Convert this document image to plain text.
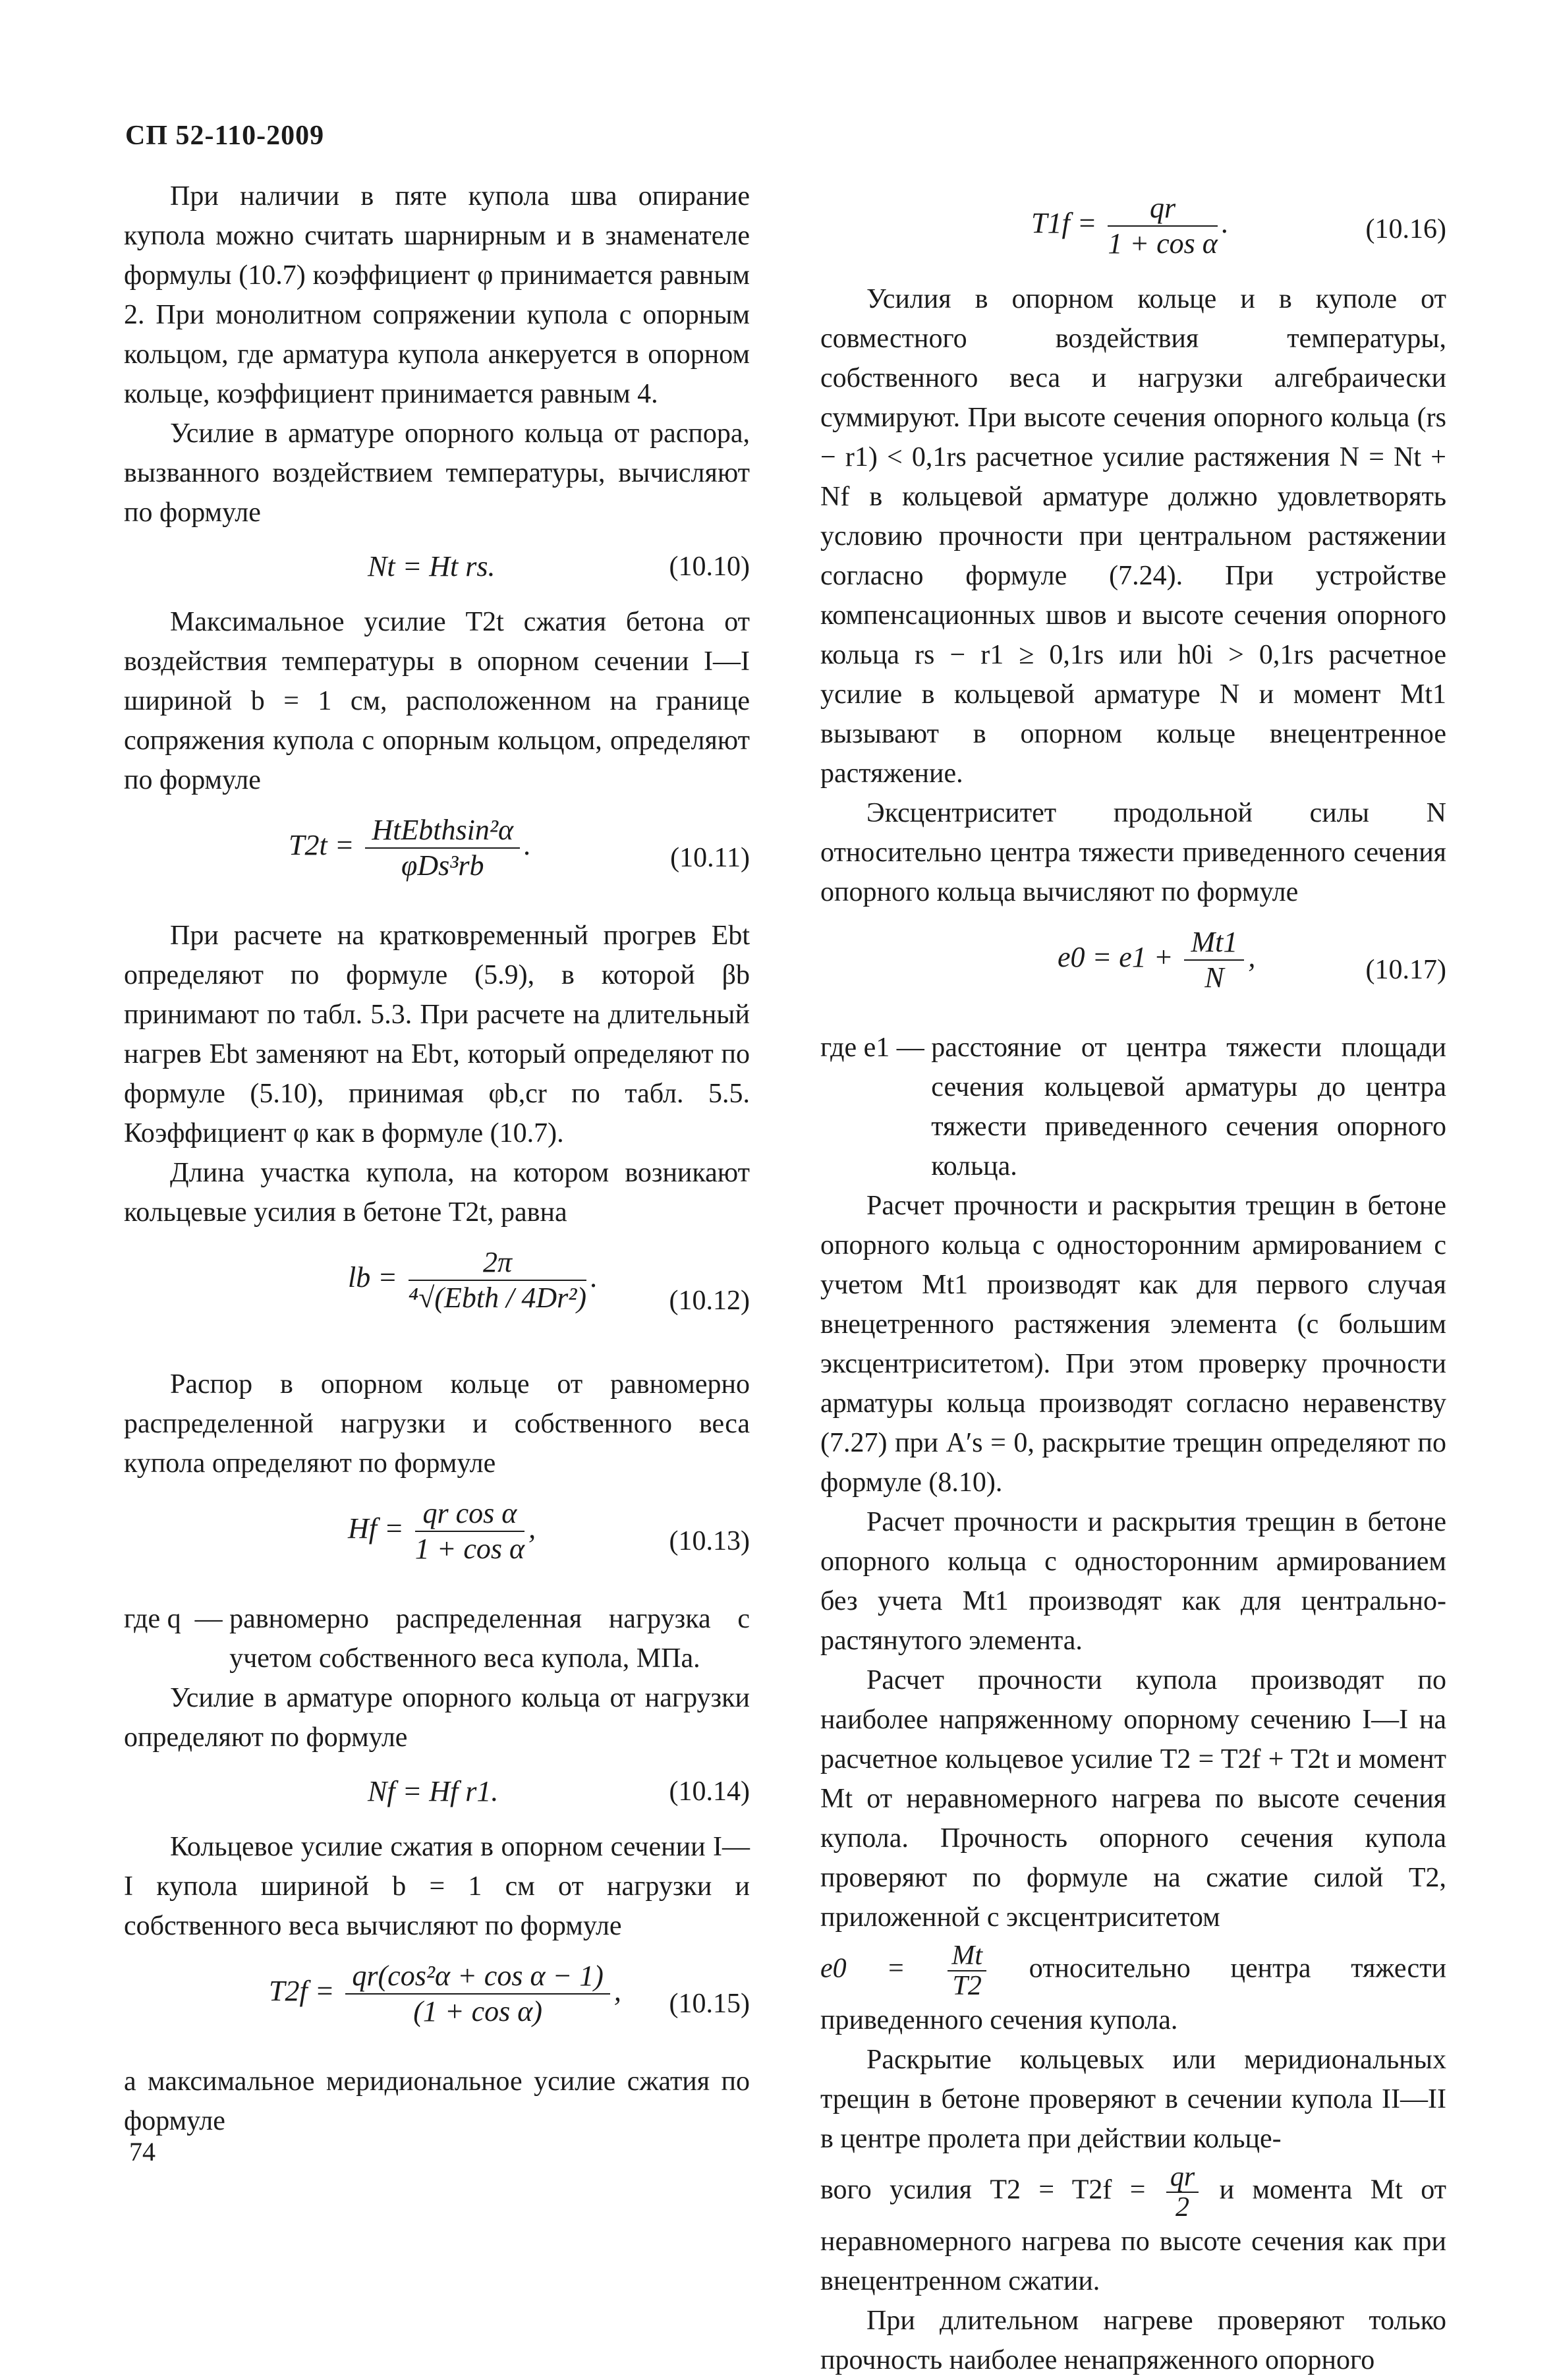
СП 52-110-2009

При наличии в пяте купола шва опирание купола можно считать шарнирным и в знаменателе формулы (10.7) коэффициент φ принимается равным 2. При монолитном сопряжении купола с опорным кольцом, где арматура купола анкеруется в опорном кольце, коэффициент принимается равным 4.

Усилие в арматуре опорного кольца от распора, вызванного воздействием температуры, вычисляют по формуле

Nt = Ht rs.	(10.10)

Максимальное усилие T2t сжатия бетона от воздействия температуры в опорном сечении I—I шириной b = 1 см, расположенном на границе сопряжения купола с опорным кольцом, определяют по формуле

$T2t = \frac{\text{HtEbthsin²α}}{\text{φDs³rb}}$ .	(10.11)

При расчете на кратковременный прогрев Ebt определяют по формуле (5.9), в которой βb принимают по табл. 5.3. При расчете на длительный нагрев Ebt заменяют на Ebτ, который определяют по формуле (5.10), принимая φb,cr по табл. 5.5. Коэффициент φ как в формуле (10.7).

Длина участка купола, на котором возникают кольцевые усилия в бетоне T2t, равна

lb = $\frac{2\pi}{\text{⁴√(Ebth / 4Dr²)}}$ .
(10.12)

Распор в опорном кольце от равномерно распределенной нагрузки и собственного веса купола определяют по формуле

$Hf = \frac{\text{qr cos α}}{\text{1 + cos α}}$ ,	(10.13)
где q  — равномерно распределенная нагрузка с учетом собственного веса купола, МПа.

Усилие в арматуре опорного кольца от нагрузки определяют по формуле

Nf = Hf r1.	(10.14)

Кольцевое усилие сжатия в опорном сечении I—I купола шириной b = 1 см от нагрузки и собственного веса вычисляют по формуле

$T2f = \frac{\text{qr(cos²α + cos α − 1)}}{\text{(1 + cos α)}}$ , (10.15)

а максимальное меридиональное усилие сжатия по формуле

$T1f = \frac{qr}{\text{1 + cos α}}$ .	(10.16)

Усилия в опорном кольце и в куполе от совместного воздействия температуры, собственного веса и нагрузки алгебраически суммируют. При высоте сечения опорного кольца (rs − r1) < 0,1rs расчетное усилие растяжения N = Nt + Nf в кольцевой арматуре должно удовлетворять условию прочности при центральном растяжении согласно формуле (7.24). При устройстве компенсационных швов и высоте сечения опорного кольца rs − r1 ≥ 0,1rs или h0i > 0,1rs расчетное усилие в кольцевой арматуре N и момент Mt1 вызывают в опорном кольце внецентренное растяжение.

Эксцентриситет продольной силы N относительно центра тяжести приведенного сечения опорного кольца вычисляют по формуле

$e0 = e1 + \frac{Mt1}{N}$ ,	(10.17)
где e1 — расстояние от центра тяжести площади сечения кольцевой арматуры до центра тяжести приведенного сечения опорного кольца.

Расчет прочности и раскрытия трещин в бетоне опорного кольца с односторонним армированием с учетом Mt1 производят как для первого случая внецетренного растяжения элемента (с большим эксцентриситетом). При этом проверку прочности арматуры кольца производят согласно неравенству (7.27) при A′s = 0, раскрытие трещин определяют по формуле (8.10).

Расчет прочности и раскрытия трещин в бетоне опорного кольца с односторонним армированием без учета Mt1 производят как для центрально-растянутого элемента.

Расчет прочности купола производят по наиболее напряженному опорному сечению I—I на расчетное кольцевое усилие T2 = T2f + T2t и момент Mt от неравномерного нагрева по высоте сечения купола. Прочность опорного сечения купола проверяют по формуле на сжатие силой T2, приложенной с эксцентриситетом

$e0 = \frac{Mt}{T2}$ относительно центра тяжести приведенного сечения купола.

Раскрытие кольцевых или меридиональных трещин в бетоне проверяют в сечении купола II—II в центре пролета при действии кольце-

вого усилия $T2 = T2f = \frac{qr}{2}$ и момента Mt от неравномерного нагрева по высоте сечения как при внецентренном сжатии.

При длительном нагреве проверяют только прочность наиболее ненапряженного опорного

74
